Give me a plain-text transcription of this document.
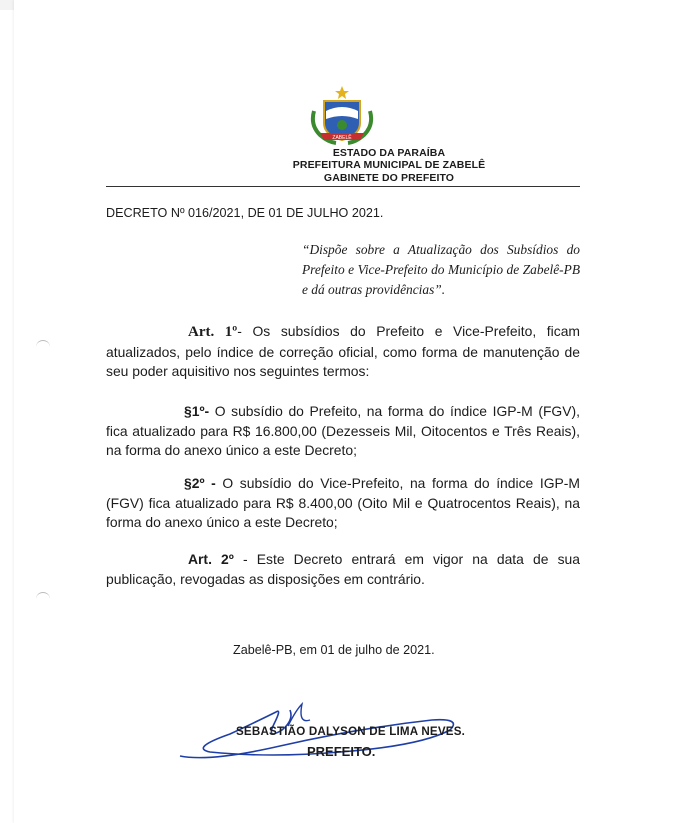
ZABELÊ
ESTADO DA PARAÍBA
PREFEITURA MUNICIPAL DE ZABELÊ
GABINETE DO PREFEITO
DECRETO Nº 016/2021, DE 01 DE JULHO 2021.
“Dispõe sobre a Atualização dos Subsídios do Prefeito e Vice-Prefeito do Município de Zabelê-PB e dá outras providências”.
Art. 1º- Os subsídios do Prefeito e Vice-Prefeito, ficam atualizados, pelo índice de correção oficial, como forma de manutenção de seu poder aquisitivo nos seguintes termos:
§1º- O subsídio do Prefeito, na forma do índice IGP-M (FGV), fica atualizado para R$ 16.800,00 (Dezesseis Mil, Oitocentos e Três Reais), na forma do anexo único a este Decreto;
§2º - O subsídio do Vice-Prefeito, na forma do índice IGP-M (FGV) fica atualizado para R$ 8.400,00 (Oito Mil e Quatrocentos Reais), na forma do anexo único a este Decreto;
Art. 2º - Este Decreto entrará em vigor na data de sua publicação, revogadas as disposições em contrário.
Zabelê-PB, em 01 de julho de 2021.
SEBASTIÃO DALYSON DE LIMA NEVES.
PREFEITO.
